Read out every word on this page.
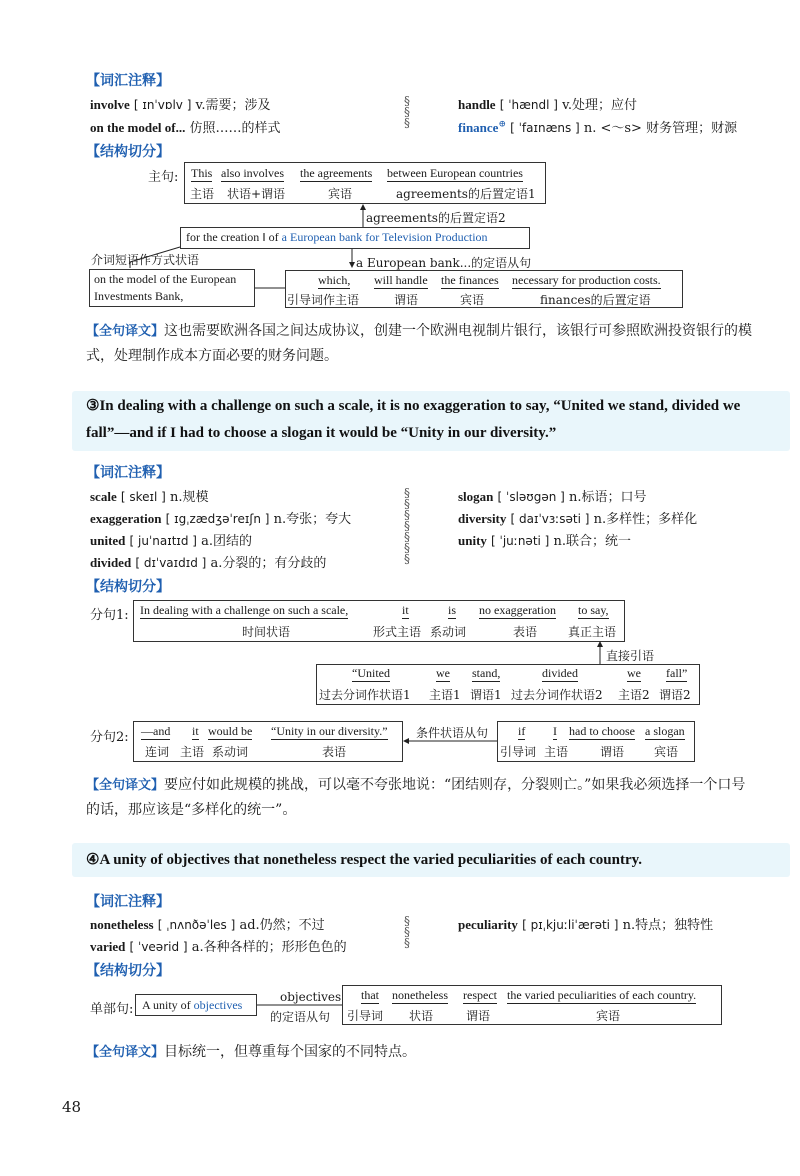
【词汇注释】
involve [ ɪnˈvɒlv ] v.需要；涉及	handle [ ˈhændl ] v.处理；应付
on the model of... 仿照……的样式	finance⊕ [ ˈfaɪnæns ] n. <～s> 财务管理；财源
§
§
§
【结构切分】
主句: This also involves the agreements between European countries
主语 状语+谓语	宾语	agreements的后置定语1
agreements的后置定语2
for the creation ‖ of a European bank for Television Production
介词短语作方式状语	a European bank...的定语从句
on the model of the European Investments Bank,
which, will handle the finances necessary for production costs.
引导词作主语	谓语	宾语	finances的后置定语
【全句译文】这也需要欧洲各国之间达成协议，创建一个欧洲电视制片银行，该银行可参照欧洲投资银行的模式，处理制作成本方面必要的财务问题。
③In dealing with a challenge on such a scale, it is no exaggeration to say, “United we stand, divided we fall”—and if I had to choose a slogan it would be “Unity in our diversity.”
【词汇注释】
scale [ skeɪl ] n.规模	slogan [ ˈsləʊgən ] n.标语；口号
exaggeration [ ɪgˌzædʒəˈreɪʃn ] n.夸张；夸大	diversity [ daɪˈvɜːsəti ] n.多样性；多样化
united [ juˈnaɪtɪd ] a.团结的	unity [ ˈjuːnəti ] n.联合；统一
divided [ dɪˈvaɪdɪd ] a.分裂的；有分歧的
§
§
§
§
§
§
§
【结构切分】
分句1: In dealing with a challenge on such a scale,	it	is no exaggeration to say,
时间状语	形式主语 系动词	表语	真正主语
直接引语
“United	we stand,	divided	we fall”
过去分词作状语1 主语1 谓语1 过去分词作状语2 主语2 谓语2
分句2: —and it would be “Unity in our diversity.”
连词 主语 系动词	表语
条件状语从句 if I had to choose a slogan
引导词 主语	谓语 宾语
【全句译文】要应付如此规模的挑战，可以毫不夸张地说：“团结则存，分裂则亡。”如果我必须选择一个口号的话，那应该是“多样化的统一”。
④A unity of objectives that nonetheless respect the varied peculiarities of each country.
【词汇注释】
nonetheless [ ˌnʌnðəˈles ] ad.仍然；不过	peculiarity [ pɪˌkjuːliˈærəti ] n.特点；独特性
varied [ ˈveərid ] a.各种各样的；形形色色的
§
§
§
【结构切分】
单部句: A unity of objectives
objectives
的定语从句
that nonetheless respect the varied peculiarities of each country.
引导词 状语	谓语	宾语
【全句译文】目标统一，但尊重每个国家的不同特点。
48
